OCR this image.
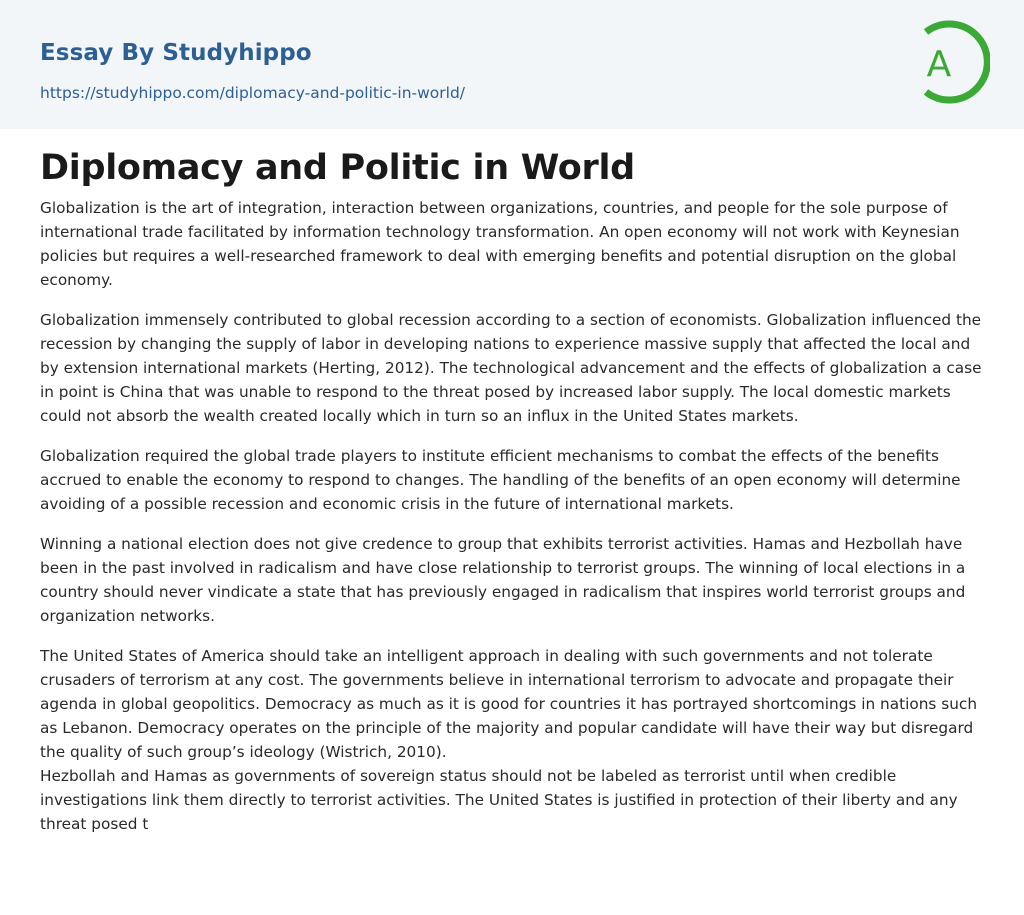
Essay By Studyhippo
https://studyhippo.com/diplomacy-and-politic-in-world/
A
Diplomacy and Politic in World

Globalization is the art of integration, interaction between organizations, countries, and people for the sole purpose of international trade facilitated by information technology transformation. An open economy will not work with Keynesian policies but requires a well-researched framework to deal with emerging benefits and potential disruption on the global economy.

Globalization immensely contributed to global recession according to a section of economists. Globalization influenced the recession by changing the supply of labor in developing nations to experience massive supply that affected the local and by extension international markets (Herting, 2012). The technological advancement and the effects of globalization a case in point is China that was unable to respond to the threat posed by increased labor supply. The local domestic markets could not absorb the wealth created locally which in turn so an influx in the United States markets.

Globalization required the global trade players to institute efficient mechanisms to combat the effects of the benefits accrued to enable the economy to respond to changes. The handling of the benefits of an open economy will determine avoiding of a possible recession and economic crisis in the future of international markets.

Winning a national election does not give credence to group that exhibits terrorist activities. Hamas and Hezbollah have been in the past involved in radicalism and have close relationship to terrorist groups. The winning of local elections in a country should never vindicate a state that has previously engaged in radicalism that inspires world terrorist groups and organization networks.

The United States of America should take an intelligent approach in dealing with such governments and not tolerate crusaders of terrorism at any cost. The governments believe in international terrorism to advocate and propagate their agenda in global geopolitics. Democracy as much as it is good for countries it has portrayed shortcomings in nations such as Lebanon. Democracy operates on the principle of the majority and popular candidate will have their way but disregard the quality of such group’s ideology (Wistrich, 2010).

Hezbollah and Hamas as governments of sovereign status should not be labeled as terrorist until when credible investigations link them directly to terrorist activities. The United States is justified in protection of their liberty and any threat posed t
